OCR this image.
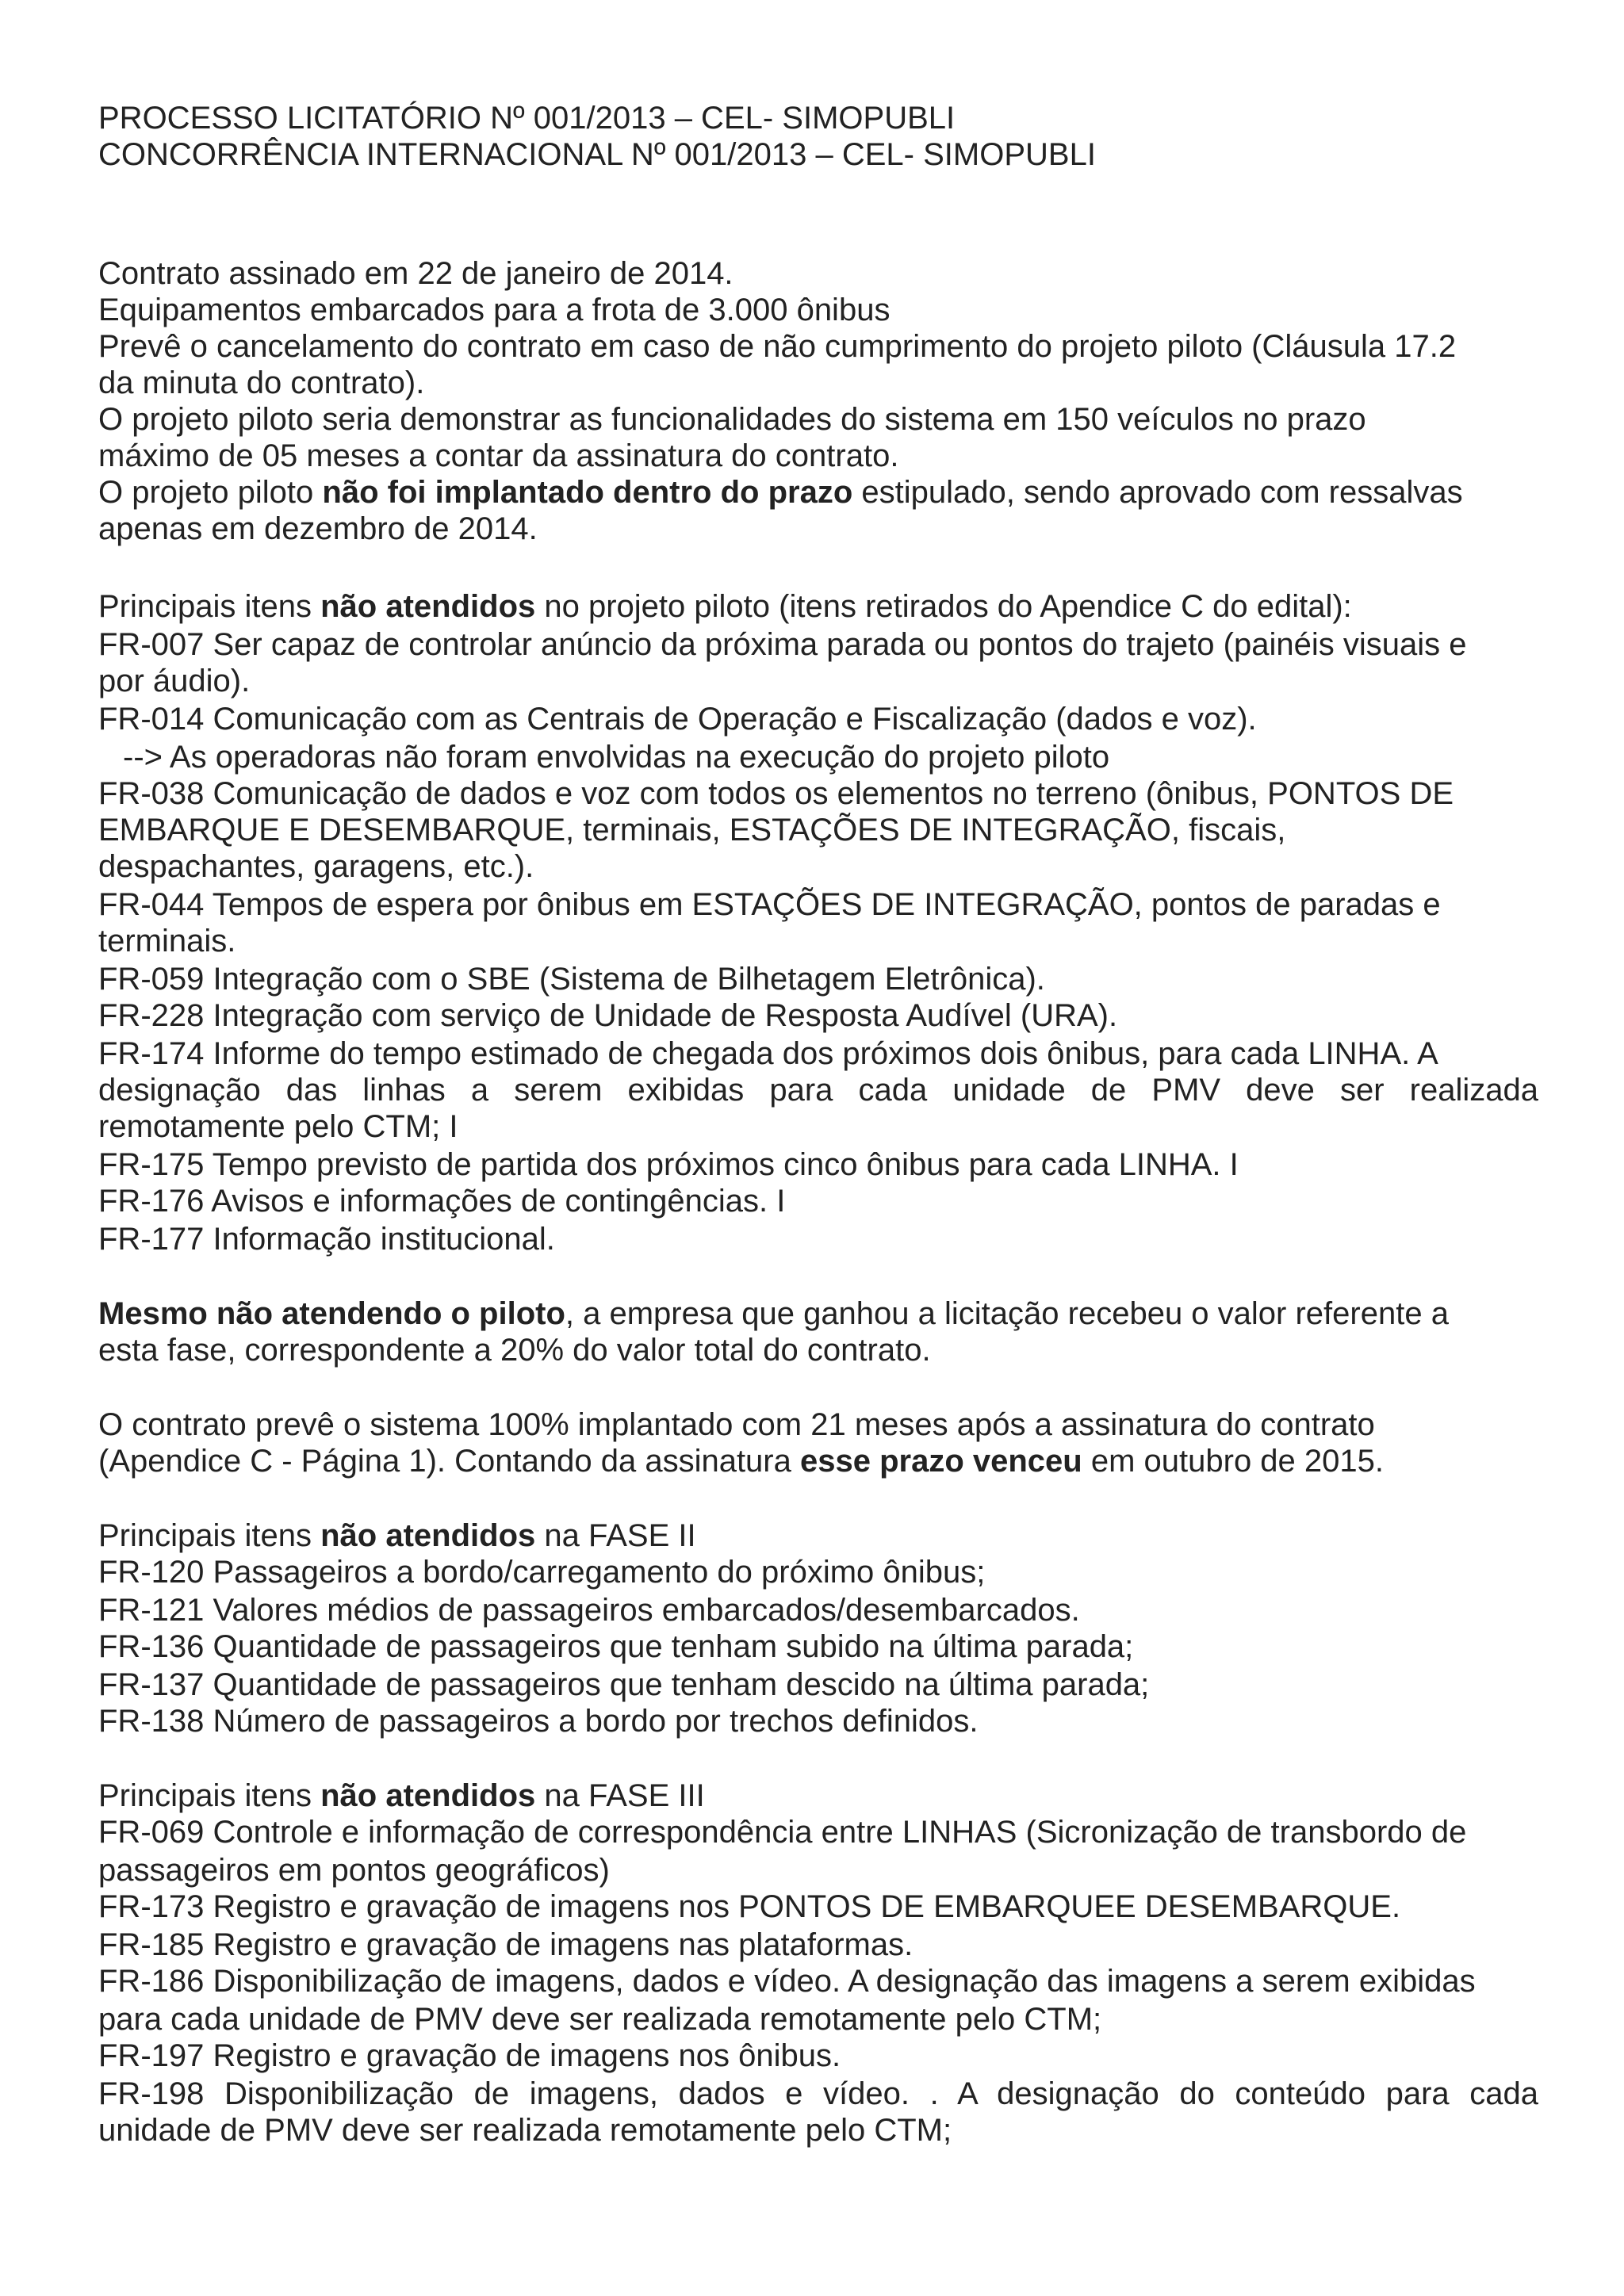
PROCESSO LICITATÓRIO Nº 001/2013 – CEL- SIMOPUBLI
CONCORRÊNCIA INTERNACIONAL Nº 001/2013 – CEL- SIMOPUBLI
Contrato assinado em 22 de janeiro de 2014.
Equipamentos embarcados para a frota de 3.000 ônibus
Prevê o cancelamento do contrato em caso de não cumprimento do projeto piloto (Cláusula 17.2
da minuta do contrato).
O projeto piloto seria demonstrar as funcionalidades do sistema em 150 veículos no prazo
máximo de 05 meses a contar da assinatura do contrato.
O projeto piloto não foi implantado dentro do prazo estipulado, sendo aprovado com ressalvas
apenas em dezembro de 2014.
Principais itens não atendidos no projeto piloto (itens retirados do Apendice C do edital):
FR-007 Ser capaz de controlar anúncio da próxima parada ou pontos do trajeto (painéis visuais e
por áudio).
FR-014 Comunicação com as Centrais de Operação e Fiscalização (dados e voz).
--> As operadoras não foram envolvidas na execução do projeto piloto
FR-038 Comunicação de dados e voz com todos os elementos no terreno (ônibus, PONTOS DE
EMBARQUE E DESEMBARQUE, terminais, ESTAÇÕES DE INTEGRAÇÃO, fiscais,
despachantes, garagens, etc.).
FR-044 Tempos de espera por ônibus em ESTAÇÕES DE INTEGRAÇÃO, pontos de paradas e
terminais.
FR-059 Integração com o SBE (Sistema de Bilhetagem Eletrônica).
FR-228 Integração com serviço de Unidade de Resposta Audível (URA).
FR-174 Informe do tempo estimado de chegada dos próximos dois ônibus, para cada LINHA. A
designação das linhas a serem exibidas para cada unidade de PMV deve ser realizada
remotamente pelo CTM; I
FR-175 Tempo previsto de partida dos próximos cinco ônibus para cada LINHA. I
FR-176 Avisos e informações de contingências. I
FR-177 Informação institucional.
Mesmo não atendendo o piloto, a empresa que ganhou a licitação recebeu o valor referente a
esta fase, correspondente a 20% do valor total do contrato.
O contrato prevê o sistema 100% implantado com 21 meses após a assinatura do contrato
(Apendice C - Página 1). Contando da assinatura esse prazo venceu em outubro de 2015.
Principais itens não atendidos na FASE II
FR-120 Passageiros a bordo/carregamento do próximo ônibus;
FR-121 Valores médios de passageiros embarcados/desembarcados.
FR-136 Quantidade de passageiros que tenham subido na última parada;
FR-137 Quantidade de passageiros que tenham descido na última parada;
FR-138 Número de passageiros a bordo por trechos definidos.
Principais itens não atendidos na FASE III
FR-069 Controle e informação de correspondência entre LINHAS (Sicronização de transbordo de
passageiros em pontos geográficos)
FR-173 Registro e gravação de imagens nos PONTOS DE EMBARQUEE DESEMBARQUE.
FR-185 Registro e gravação de imagens nas plataformas.
FR-186 Disponibilização de imagens, dados e vídeo. A designação das imagens a serem exibidas
para cada unidade de PMV deve ser realizada remotamente pelo CTM;
FR-197 Registro e gravação de imagens nos ônibus.
FR-198 Disponibilização de imagens, dados e vídeo. . A designação do conteúdo para cada
unidade de PMV deve ser realizada remotamente pelo CTM;
